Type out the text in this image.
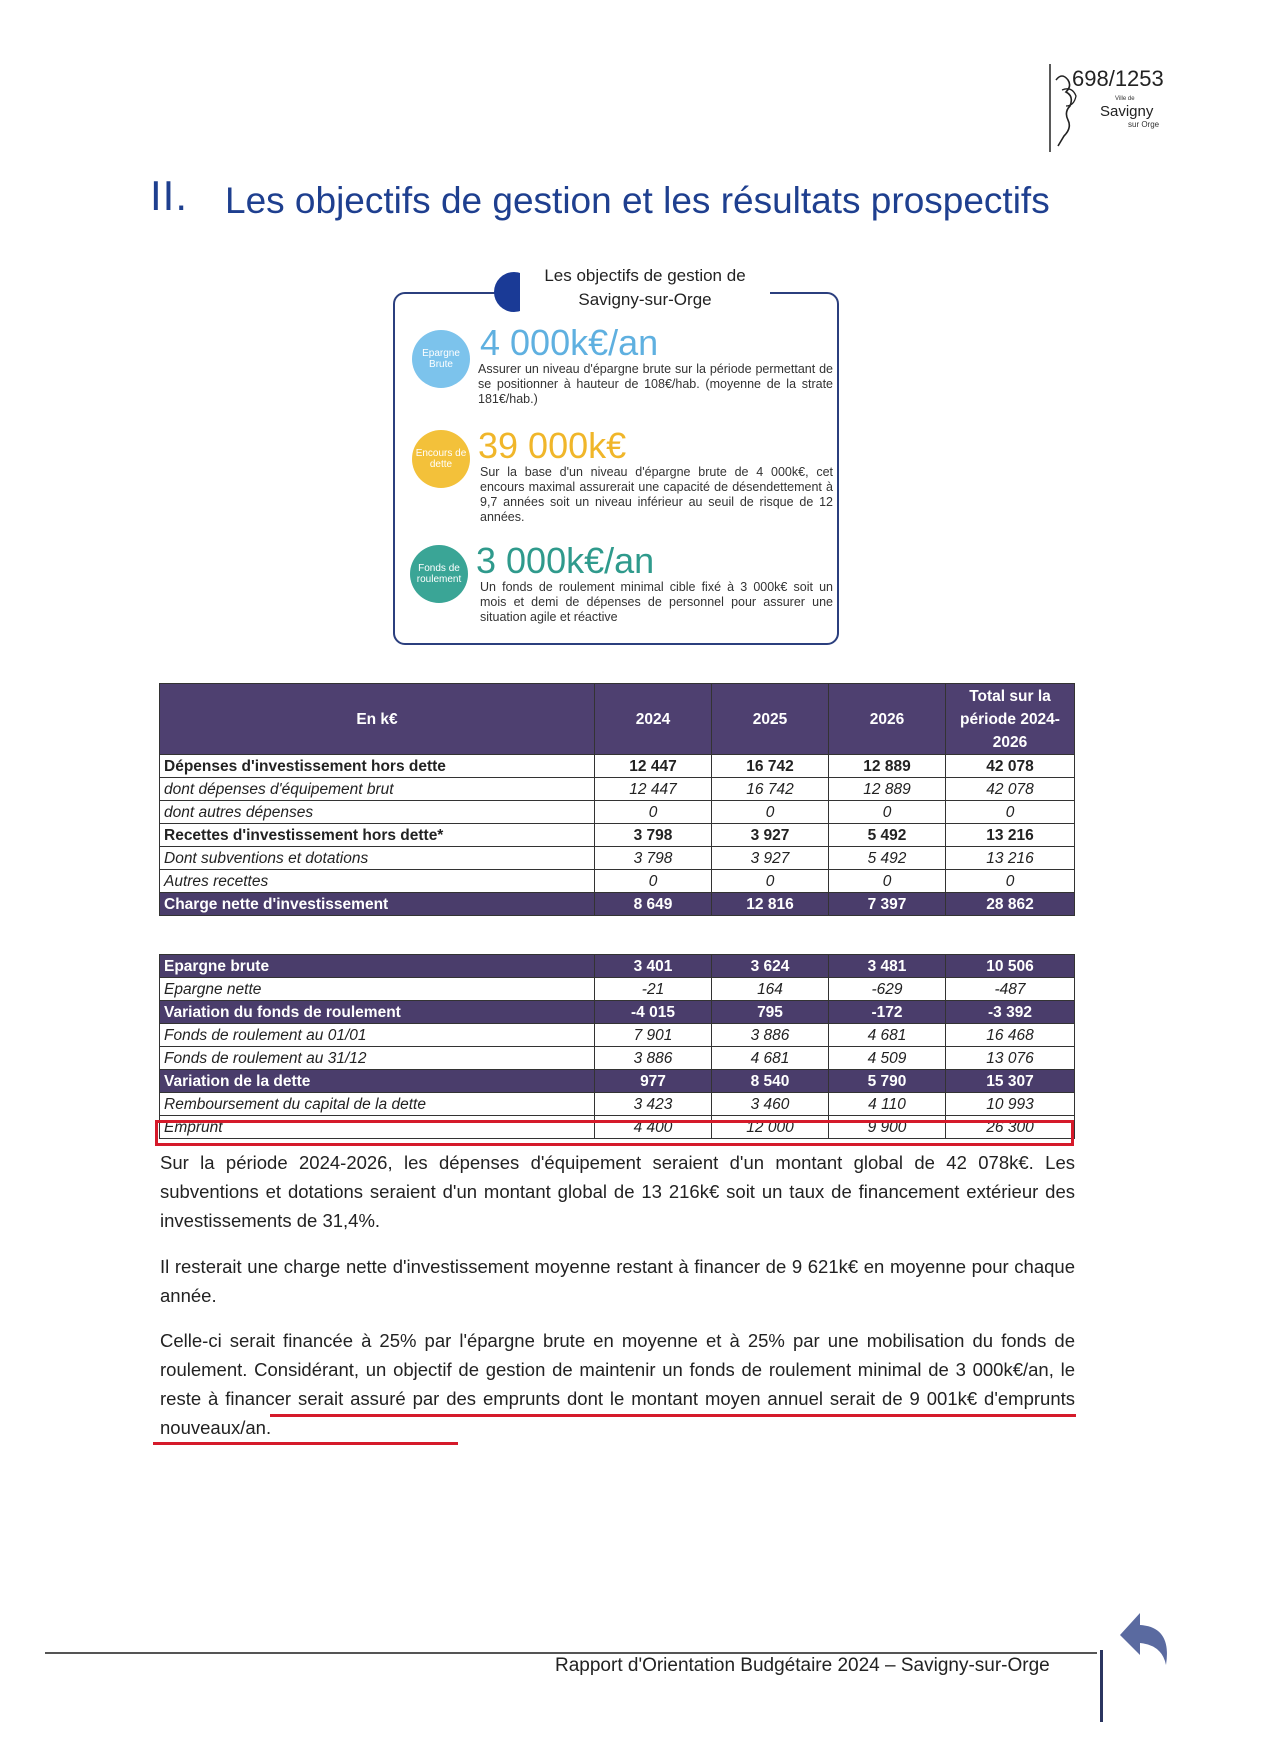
698/1253
Ville de
Savigny
sur Orge
II. Les objectifs de gestion et les résultats prospectifs
Les objectifs de gestion de
Savigny-sur-Orge
Epargne Brute
4 000k€/an
Assurer un niveau d'épargne brute sur la période permettant de se positionner à hauteur de 108€/hab. (moyenne de la strate 181€/hab.)
Encours de dette 39 000k€
Sur la base d'un niveau d'épargne brute de 4 000k€, cet encours maximal assurerait une capacité de désendettement à 9,7 années soit un niveau inférieur au seuil de risque de 12 années.
Fonds de roulement 3 000k€/an
Un fonds de roulement minimal cible fixé à 3 000k€ soit un mois et demi de dépenses de personnel pour assurer une situation agile et réactive
En k€	2024	2025	2026	Total sur la période 2024-2026
Dépenses d'investissement hors dette	12 447	16 742	12 889	42 078
dont dépenses d'équipement brut	12 447	16 742	12 889	42 078
dont autres dépenses	0	0	0	0
Recettes d'investissement hors dette*	3 798	3 927	5 492	13 216
Dont subventions et dotations	3 798	3 927	5 492	13 216
Autres recettes	0	0	0	0
Charge nette d'investissement	8 649	12 816	7 397	28 862
Epargne brute	3 401	3 624	3 481	10 506
Epargne nette	-21	164	-629	-487
Variation du fonds de roulement	-4 015	795	-172	-3 392
Fonds de roulement au 01/01	7 901	3 886	4 681	16 468
Fonds de roulement au 31/12	3 886	4 681	4 509	13 076
Variation de la dette	977	8 540	5 790	15 307
Remboursement du capital de la dette	3 423	3 460	4 110	10 993
Emprunt	4 400	12 000	9 900	26 300
Sur la période 2024-2026, les dépenses d'équipement seraient d'un montant global de 42 078k€. Les subventions et dotations seraient d'un montant global de 13 216k€ soit un taux de financement extérieur des investissements de 31,4%.
Il resterait une charge nette d'investissement moyenne restant à financer de 9 621k€ en moyenne pour chaque année.
Celle-ci serait financée à 25% par l'épargne brute en moyenne et à 25% par une mobilisation du fonds de roulement. Considérant, un objectif de gestion de maintenir un fonds de roulement minimal de 3 000k€/an, le reste à financer serait assuré par des emprunts dont le montant moyen annuel serait de 9 001k€ d'emprunts nouveaux/an.
Rapport d'Orientation Budgétaire 2024 – Savigny-sur-Orge
